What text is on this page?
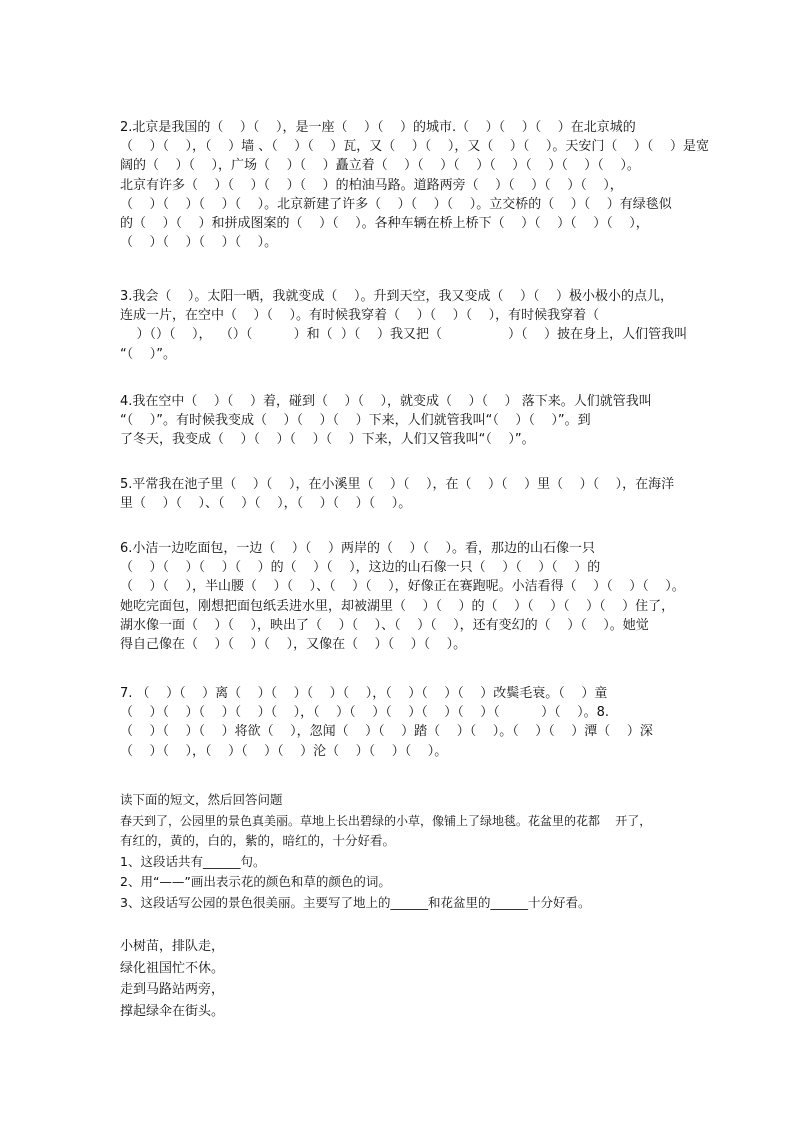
2.北京是我国的（    ）（    ），是一座（    ）（    ）的城市.（    ）（    ）（    ）在北京城的
（    ）（    ），（    ）墙 、（    ）（    ）瓦，又（    ）（    ），又（    ）（    ）。天安门（    ）（    ）是宽
阔的（    ）（    ），广场（    ）（    ）矗立着（    ）（    ）（    ）（    ）（    ）（    ）（    ）。
北京有许多（    ）（    ）（    ）（    ）的柏油马路。道路两旁（    ）（    ）（    ）（    ），
（    ）（    ）（    ）（    ）。北京新建了许多（    ）（    ）（    ）。立交桥的（    ）（    ）有绿毯似
的（    ）（    ）和拼成图案的（    ）（    ）。各种车辆在桥上桥下（    ）（    ）（    ）（    ），
（    ）（    ）（    ）（    ）。
3.我会（    ）。太阳一晒，我就变成（    ）。升到天空，我又变成（    ）（    ）极小极小的点儿，
连成一片，在空中（    ）（    ）。有时候我穿着（    ）（    ）（    ），有时候我穿着（
）（）（    ），  （）（          ）和（  ）（    ）我又把（                ）（    ）披在身上，人们管我叫
“（    ）”。
4.我在空中（    ）（    ）着，碰到（    ）（    ），就变成（    ）（    ） 落下来。人们就管我叫
“（    ）”。有时候我变成（    ）（    ）（    ）下来，人们就管我叫“（    ）（    ）”。到
了冬天，我变成（    ）（    ）（    ）（    ）下来，人们又管我叫“（    ）”。
5.平常我在池子里（    ）（    ），在小溪里（    ）（    ），在（    ）（    ）里（    ）（    ），在海洋
里（    ）（    ）、（    ）（    ），（    ）（    ）（    ）。
6.小洁一边吃面包，一边（    ）（    ）两岸的（    ）（    ）。看，那边的山石像一只
（    ）（    ）（    ）（    ）的（    ）（    ），这边的山石像一只（    ）（    ）（    ）的
（    ）（    ），半山腰（    ）（    ）、（    ）（    ），好像正在赛跑呢。小洁看得（    ）（    ）（    ）。
她吃完面包，刚想把面包纸丢进水里，却被湖里（    ）（    ）的（    ）（    ）（    ）（    ）住了，
湖水像一面（    ）（    ），映出了（    ）（    ）、（    ）（    ），还有变幻的（    ）（    ）。她觉
得自己像在（    ）（    ）（    ），又像在（    ）（    ）（    ）。
7. （    ）（    ）离（    ）（    ）（    ）（    ），（    ）（    ）（    ）改鬓毛衰。（    ）童
（    ）（    ）（    ）（    ）（    ），（    ）（    ）（    ）（    ）（    ）（          ）（    ）。8.
（    ）（    ）（    ）将欲（    ），忽闻（    ）（    ）踏（    ）（    ）。（    ）（    ）潭（    ）深
（    ）（    ），（    ）（    ）（    ）沦（    ）（    ）（    ）。
读下面的短文，然后回答问题
春天到了，公园里的景色真美丽。草地上长出碧绿的小草，像铺上了绿地毯。花盆里的花都    开了，
有红的，黄的，白的，紫的，暗红的，十分好看。
1、这段话共有______句。
2、用“——”画出表示花的颜色和草的颜色的词。
3、这段话写公园的景色很美丽。主要写了地上的______和花盆里的______十分好看。
小树苗，排队走，
绿化祖国忙不休。
走到马路站两旁，
撑起绿伞在街头。
